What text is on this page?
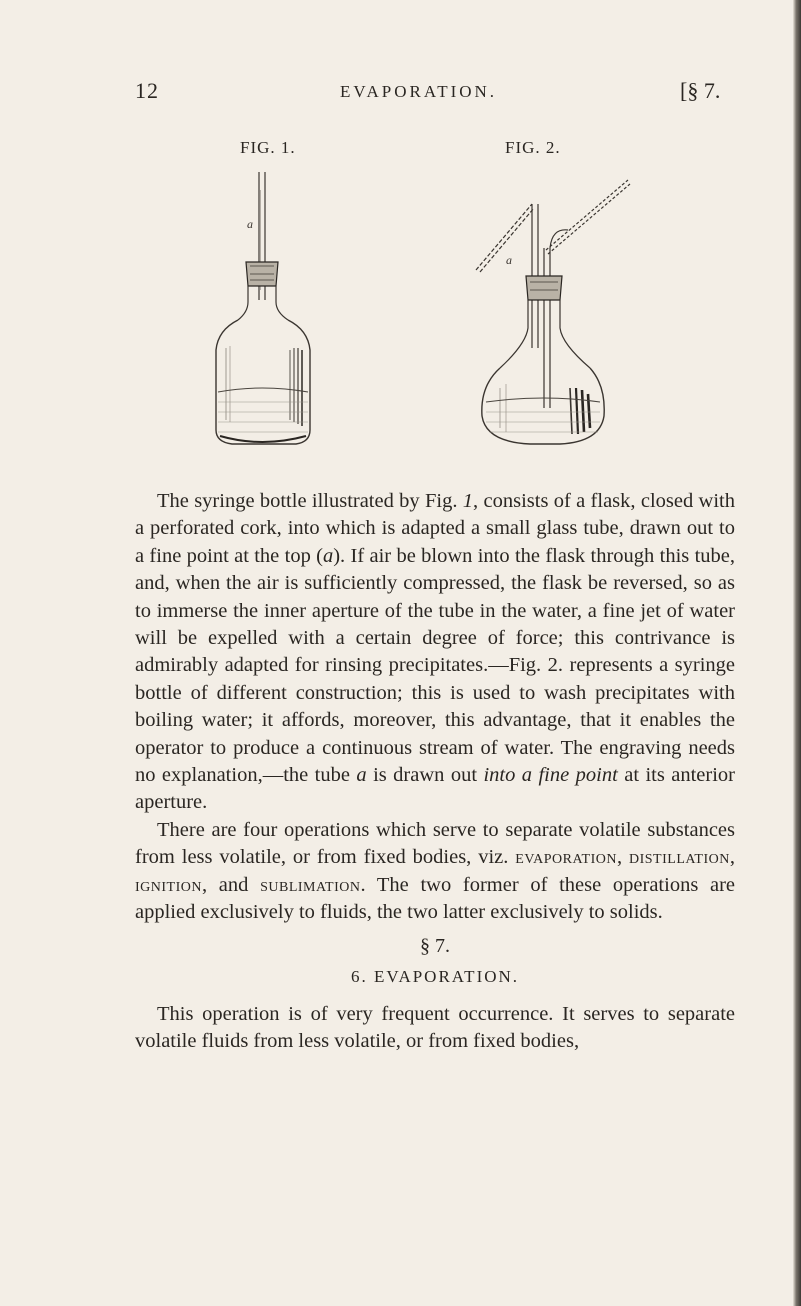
12	EVAPORATION.	[§ 7.
FIG. 1.	FIG. 2.
a
a

The syringe bottle illustrated by Fig. 1, consists of a flask, closed with a perforated cork, into which is adapted a small glass tube, drawn out to a fine point at the top (a). If air be blown into the flask through this tube, and, when the air is sufficiently compressed, the flask be reversed, so as to immerse the inner aperture of the tube in the water, a fine jet of water will be expelled with a certain degree of force; this contrivance is admirably adapted for rinsing precipitates.—Fig. 2. represents a syringe bottle of different construction; this is used to wash precipitates with boiling water; it affords, moreover, this advantage, that it enables the operator to produce a continuous stream of water. The engraving needs no explanation,—the tube a is drawn out into a fine point at its anterior aperture.

There are four operations which serve to separate volatile substances from less volatile, or from fixed bodies, viz. evaporation, distillation, ignition, and sublimation. The two former of these operations are applied exclusively to fluids, the two latter exclusively to solids.

§ 7.
6. EVAPORATION.

This operation is of very frequent occurrence. It serves to separate volatile fluids from less volatile, or from fixed bodies,
